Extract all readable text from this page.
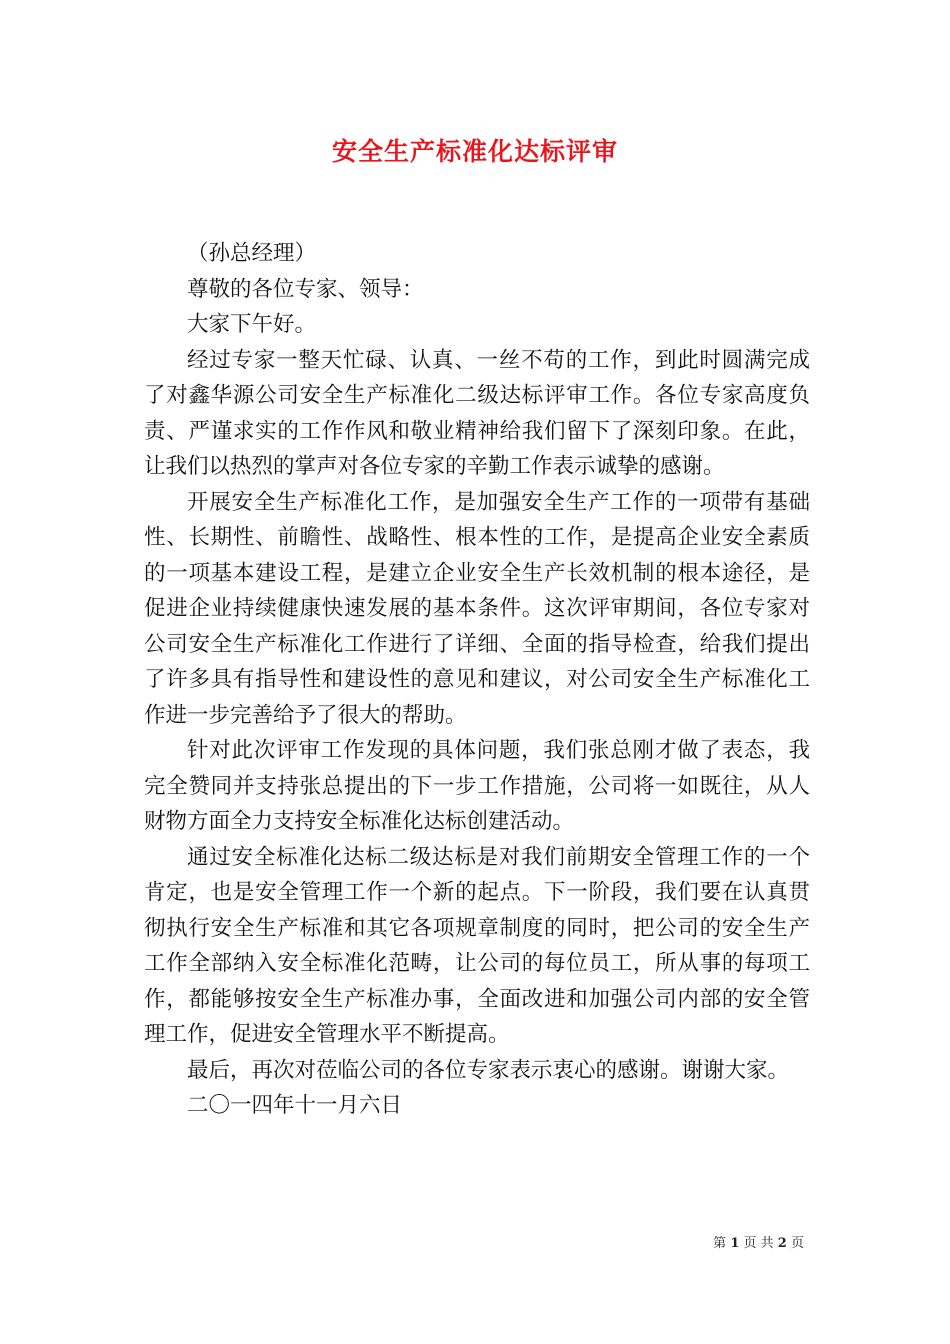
安全生产标准化达标评审

（孙总经理）

尊敬的各位专家、领导：

大家下午好。

经过专家一整天忙碌、认真、一丝不苟的工作，到此时圆满完成了对鑫华源公司安全生产标准化二级达标评审工作。各位专家高度负责、严谨求实的工作作风和敬业精神给我们留下了深刻印象。在此，让我们以热烈的掌声对各位专家的辛勤工作表示诚挚的感谢。

开展安全生产标准化工作，是加强安全生产工作的一项带有基础性、长期性、前瞻性、战略性、根本性的工作，是提高企业安全素质的一项基本建设工程，是建立企业安全生产长效机制的根本途径，是促进企业持续健康快速发展的基本条件。这次评审期间，各位专家对公司安全生产标准化工作进行了详细、全面的指导检查，给我们提出了许多具有指导性和建设性的意见和建议，对公司安全生产标准化工作进一步完善给予了很大的帮助。

针对此次评审工作发现的具体问题，我们张总刚才做了表态，我完全赞同并支持张总提出的下一步工作措施，公司将一如既往，从人财物方面全力支持安全标准化达标创建活动。

通过安全标准化达标二级达标是对我们前期安全管理工作的一个肯定，也是安全管理工作一个新的起点。下一阶段，我们要在认真贯彻执行安全生产标准和其它各项规章制度的同时，把公司的安全生产工作全部纳入安全标准化范畴，让公司的每位员工，所从事的每项工作，都能够按安全生产标准办事，全面改进和加强公司内部的安全管理工作，促进安全管理水平不断提高。

最后，再次对莅临公司的各位专家表示衷心的感谢。谢谢大家。

二〇一四年十一月六日

第 1 页 共 2 页
